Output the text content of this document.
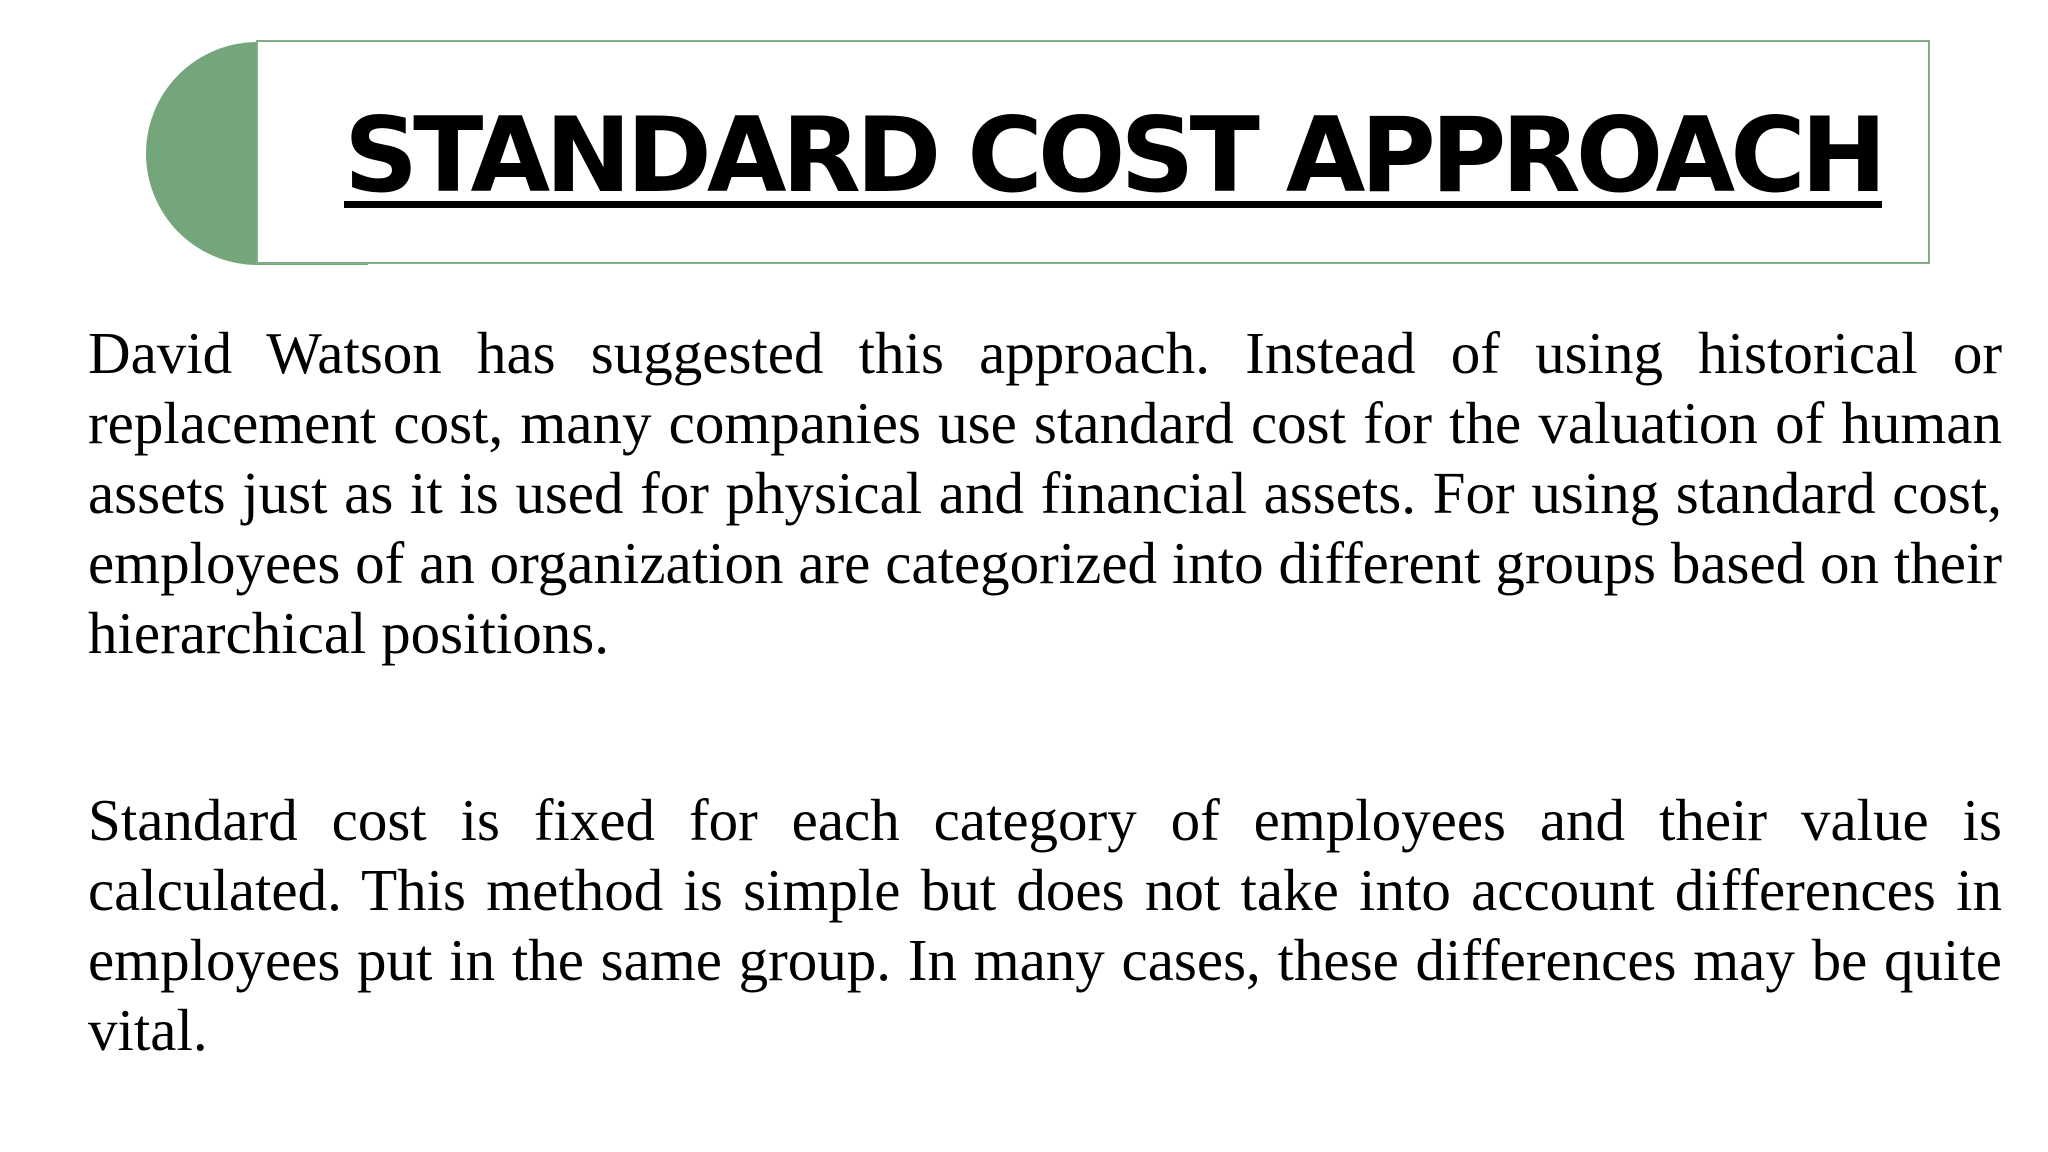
STANDARD COST APPROACH

David Watson has suggested this approach. Instead of using historical or replacement cost, many companies use standard cost for the valuation of human assets just as it is used for physical and financial assets. For using standard cost, employees of an organization are categorized into different groups based on their hierarchical positions.

Standard cost is fixed for each category of employees and their value is calculated. This method is simple but does not take into account differences in employees put in the same group. In many cases, these differences may be quite vital.
